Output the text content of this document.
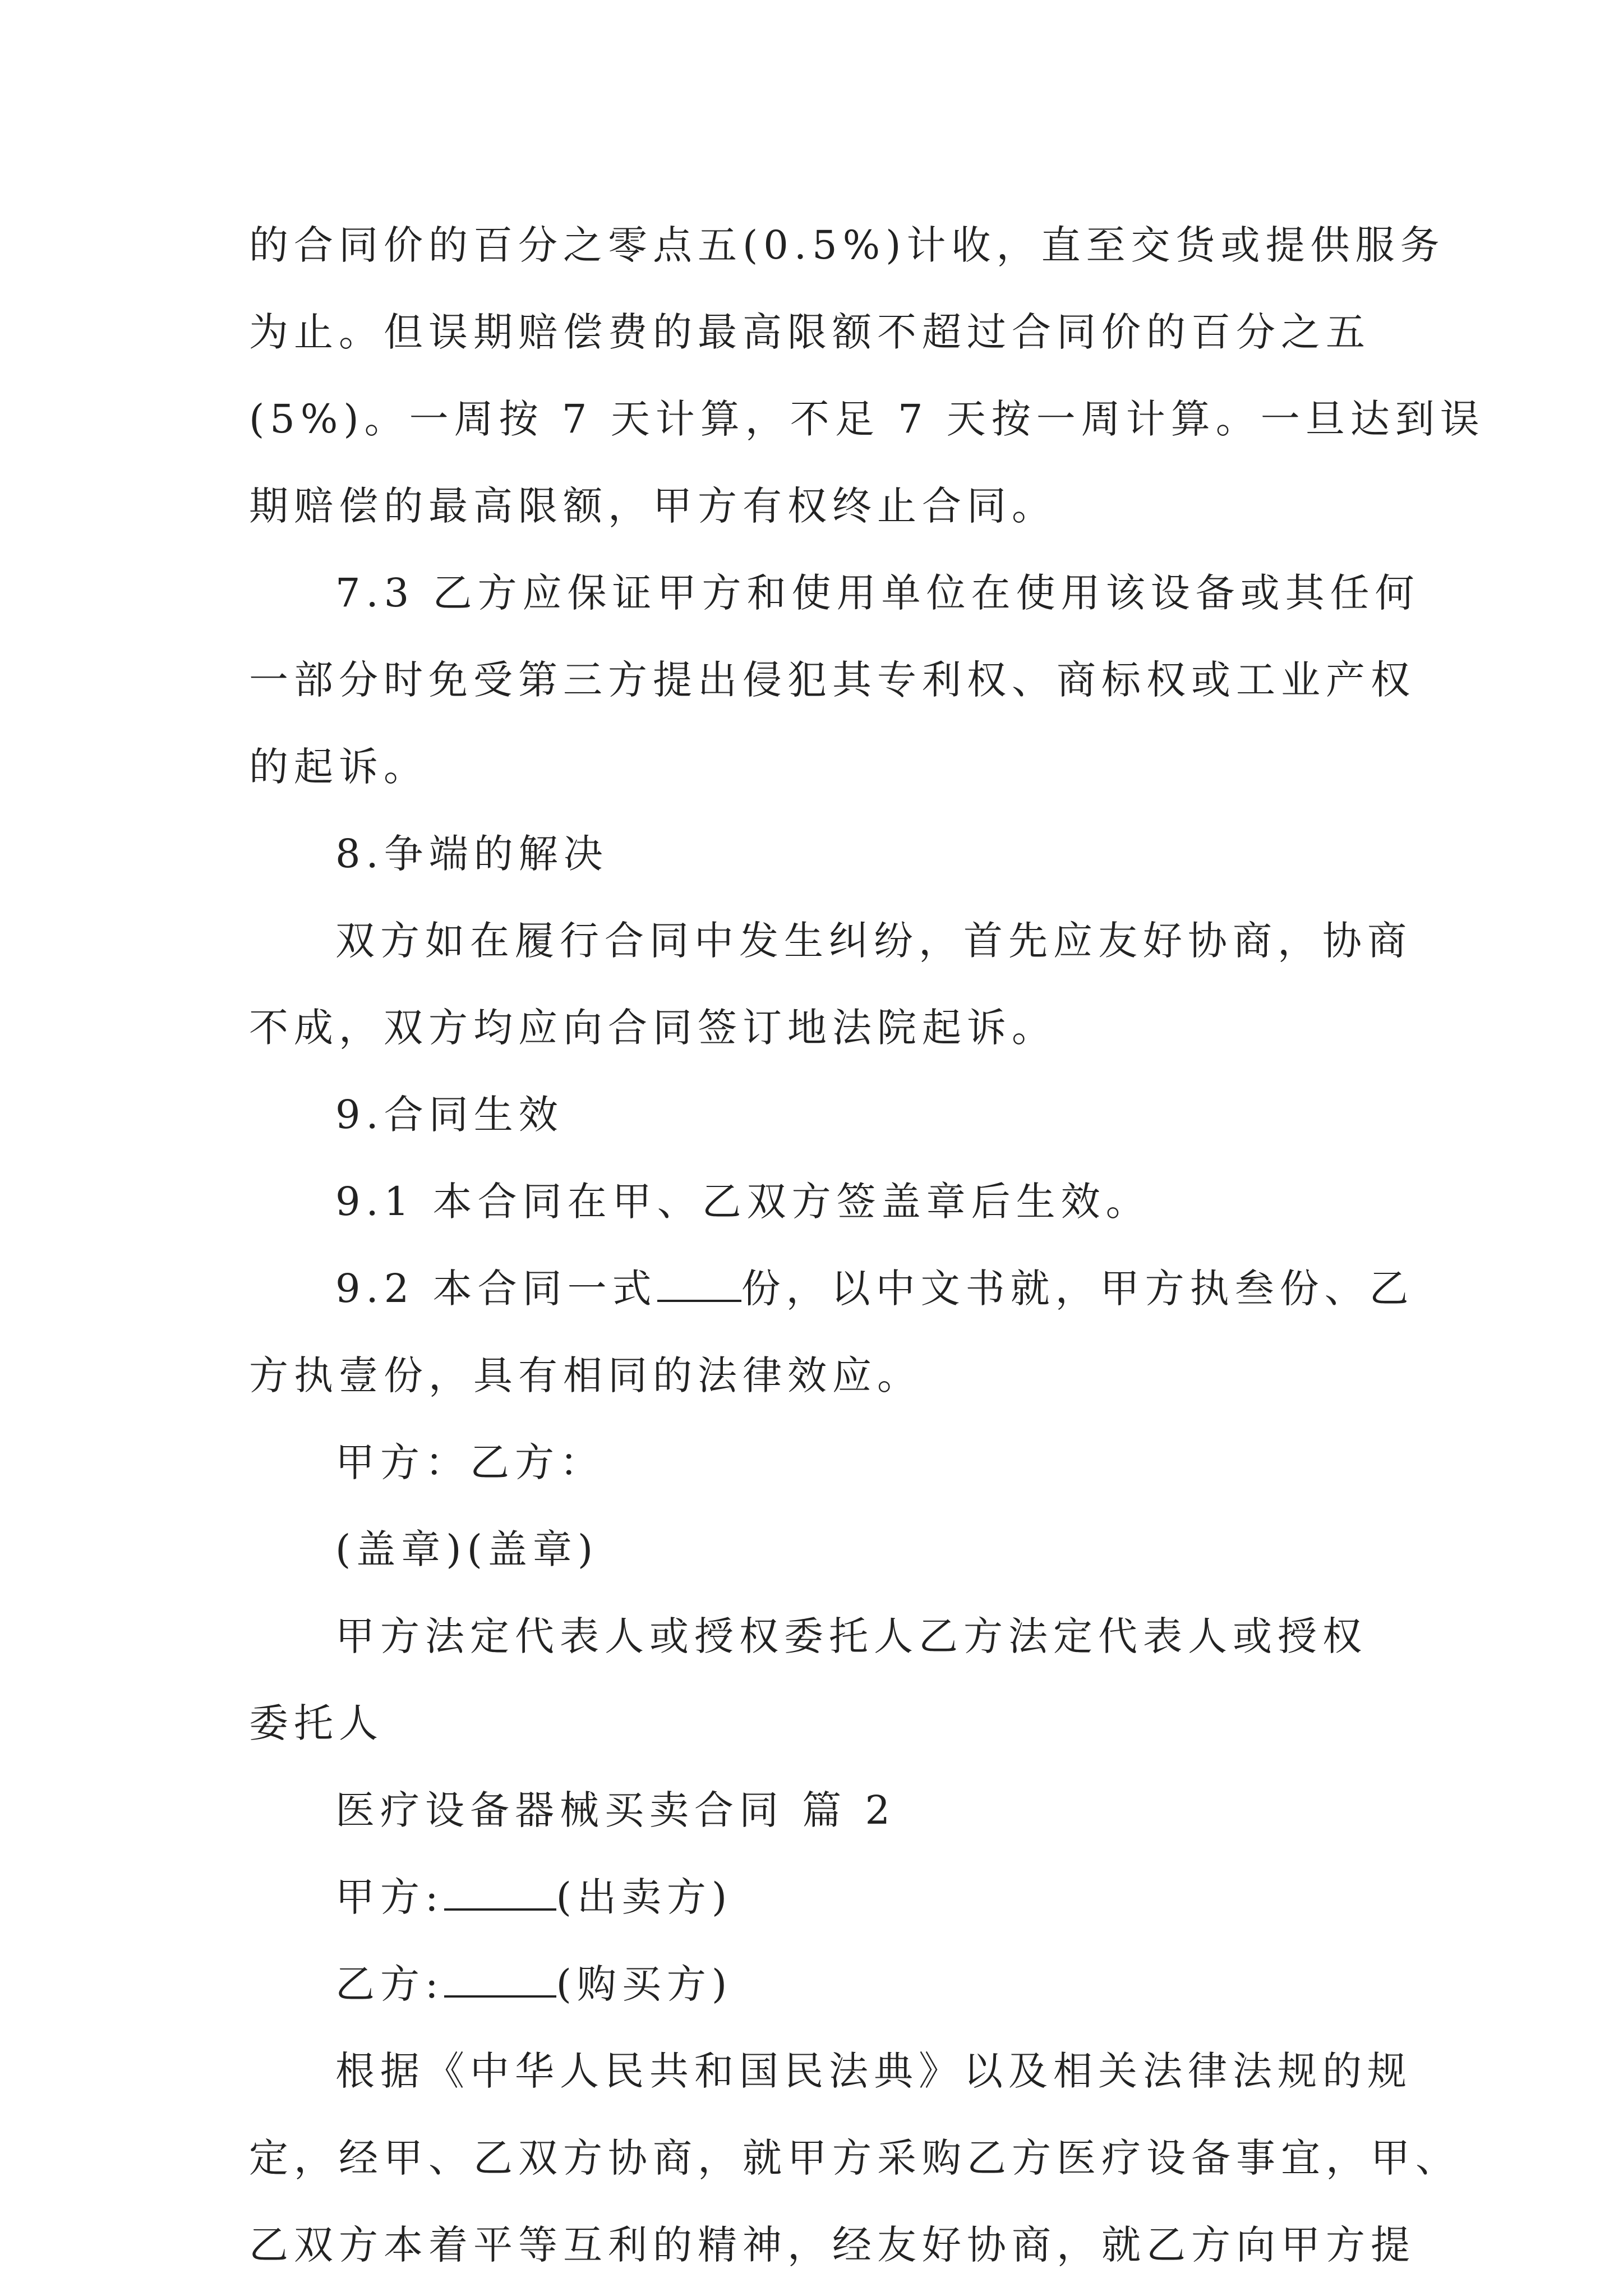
的合同价的百分之零点五(0.5%)计收，直至交货或提供服务
为止。但误期赔偿费的最高限额不超过合同价的百分之五
(5%)。一周按 7 天计算，不足 7 天按一周计算。一旦达到误
期赔偿的最高限额，甲方有权终止合同。
7.3 乙方应保证甲方和使用单位在使用该设备或其任何
一部分时免受第三方提出侵犯其专利权、商标权或工业产权
的起诉。
8.争端的解决
双方如在履行合同中发生纠纷，首先应友好协商，协商
不成，双方均应向合同签订地法院起诉。
9.合同生效
9.1 本合同在甲、乙双方签盖章后生效。
9.2 本合同一式 份，以中文书就，甲方执叁份、乙
方执壹份，具有相同的法律效应。
甲方：乙方：
(盖章)(盖章)
甲方法定代表人或授权委托人乙方法定代表人或授权
委托人
医疗设备器械买卖合同 篇 2
甲方:	(出卖方)
乙方:	(购买方)
根据《中华人民共和国民法典》以及相关法律法规的规
定，经甲、乙双方协商，就甲方采购乙方医疗设备事宜，甲、
乙双方本着平等互利的精神，经友好协商，就乙方向甲方提
